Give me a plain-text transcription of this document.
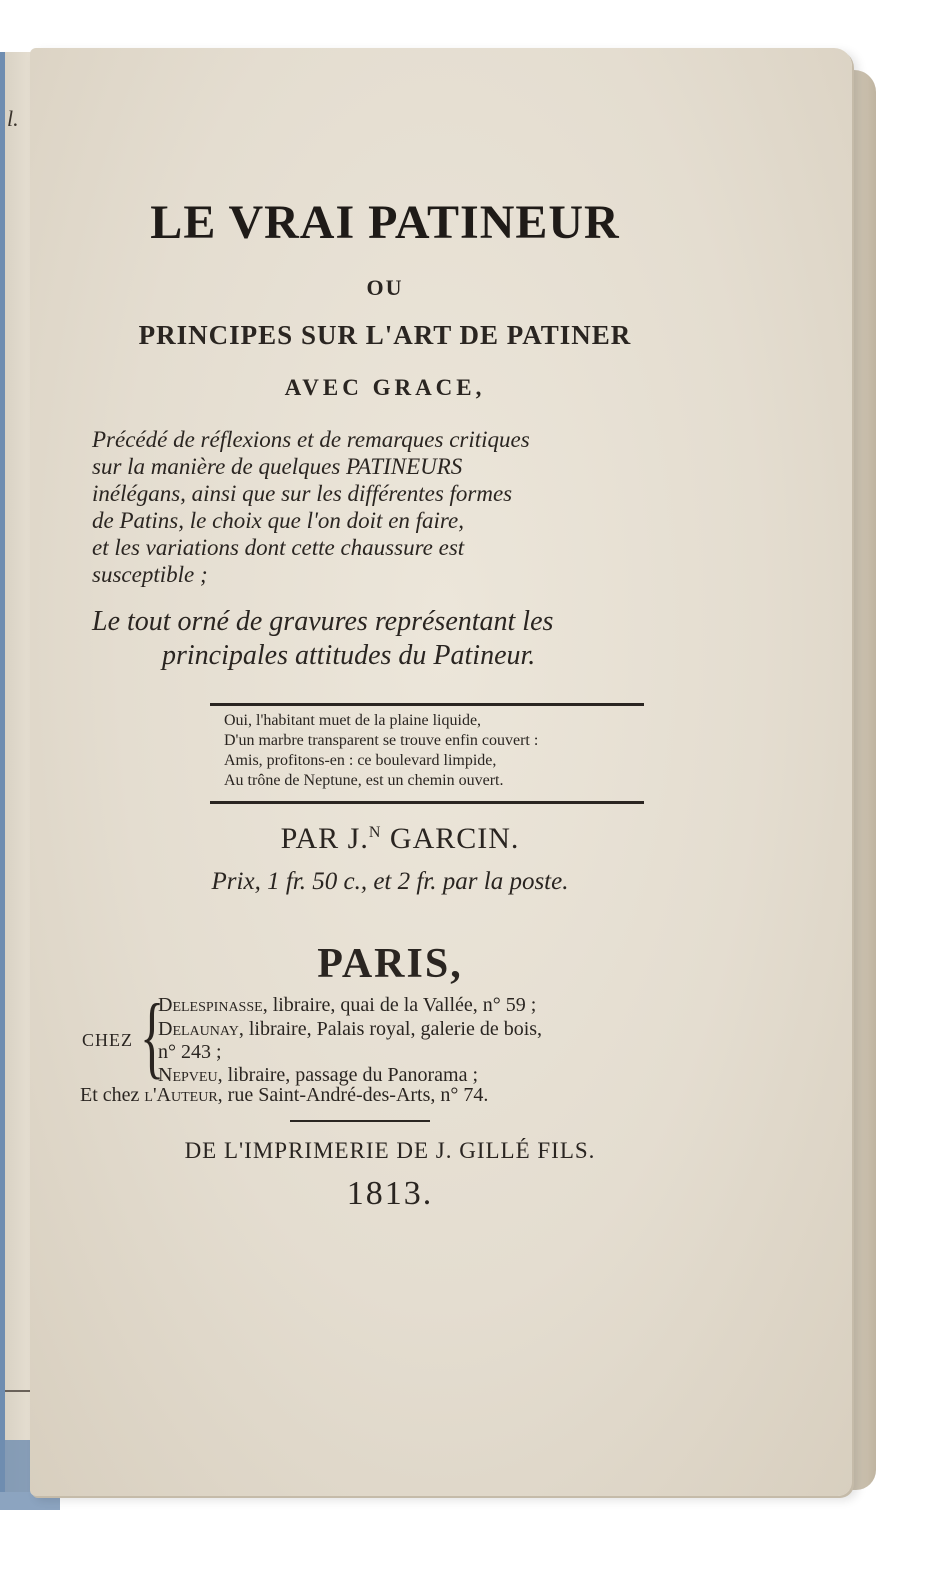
l.
LE VRAI PATINEUR
OU
PRINCIPES SUR L'ART DE PATINER
AVEC GRACE,
Précédé de réflexions et de remarques critiques
sur la manière de quelques PATINEURS
inélégans, ainsi que sur les différentes formes
de Patins, le choix que l'on doit en faire,
et les variations dont cette chaussure est
susceptible ;
Le tout orné de gravures représentant les
principales attitudes du Patineur.
Oui, l'habitant muet de la plaine liquide,
D'un marbre transparent se trouve enfin couvert :
Amis, profitons-en : ce boulevard limpide,
Au trône de Neptune, est un chemin ouvert.
PAR J.$^N$ GARCIN.
Prix, 1 fr. 50 c., et 2 fr. par la poste.
PARIS,
CHEZ {
Delespinasse, libraire, quai de la Vallée, n° 59 ;
Delaunay, libraire, Palais royal, galerie de bois,
n° 243 ;
Nepveu, libraire, passage du Panorama ;
Et chez l'Auteur, rue Saint-André-des-Arts, n° 74.
DE L'IMPRIMERIE DE J. GILLÉ FILS.
1813.
